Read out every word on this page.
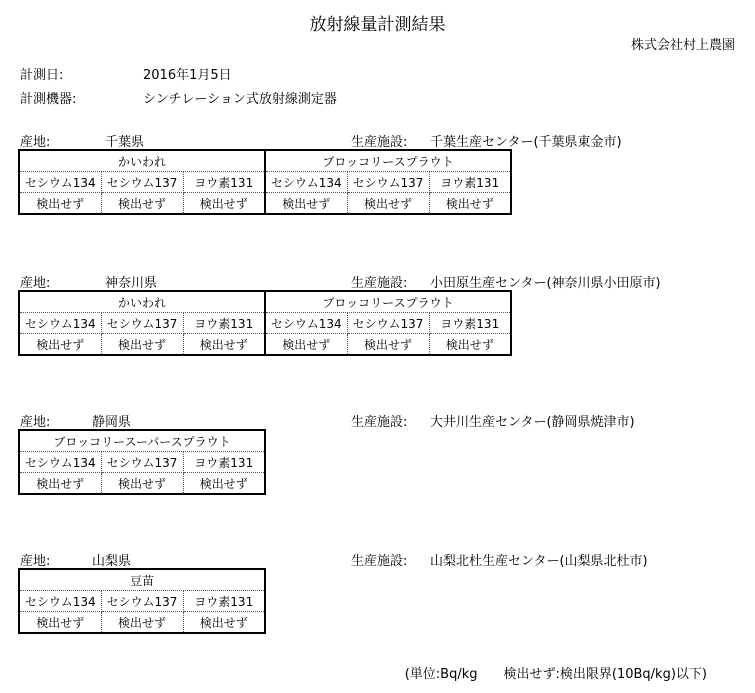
放射線量計測結果
株式会社村上農園
計測日:	2016年1月5日
計測機器:	シンチレーション式放射線測定器
産地:	千葉県	生産施設: 千葉生産センター(千葉県東金市)
かいわれ			ブロッコリースプラウト		
セシウム134	セシウム137	ヨウ素131	セシウム134	セシウム137	ヨウ素131
検出せず	検出せず	検出せず	検出せず	検出せず	検出せず
産地:	神奈川県	生産施設: 小田原生産センター(神奈川県小田原市)
かいわれ			ブロッコリースプラウト		
セシウム134	セシウム137	ヨウ素131	セシウム134	セシウム137	ヨウ素131
検出せず	検出せず	検出せず	検出せず	検出せず	検出せず
産地:	静岡県	生産施設: 大井川生産センター(静岡県焼津市)
ブロッコリースーパースプラウト		
セシウム134	セシウム137	ヨウ素131
検出せず	検出せず	検出せず
産地:	山梨県	生産施設: 山梨北杜生産センター(山梨県北杜市)
豆苗		
セシウム134	セシウム137	ヨウ素131
検出せず	検出せず	検出せず
(単位:Bq/kg　　検出せず:検出限界(10Bq/kg)以下)
